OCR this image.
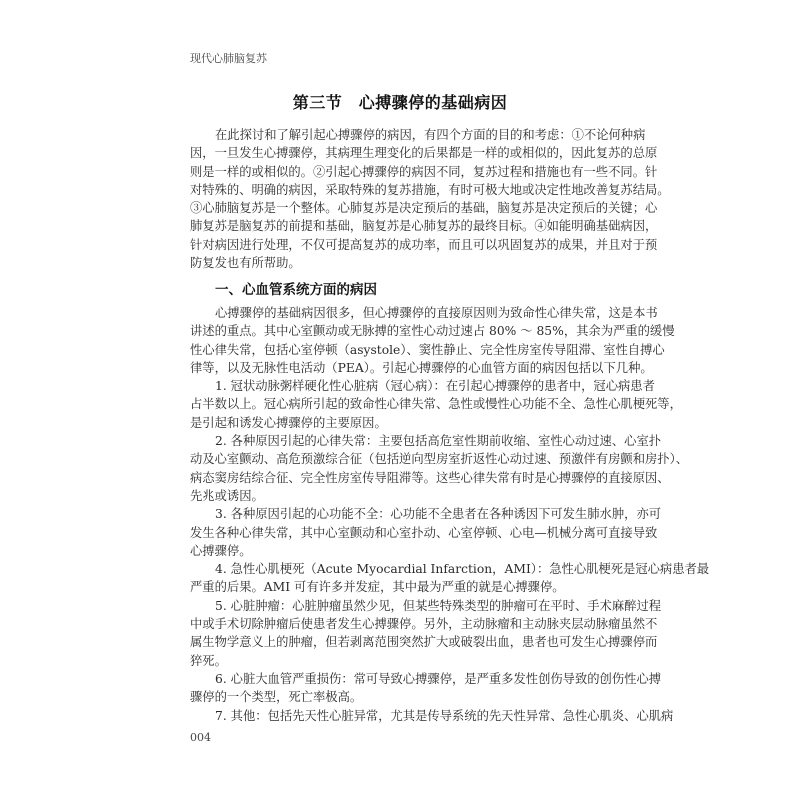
现代心肺脑复苏
第三节　心搏骤停的基础病因
在此探讨和了解引起心搏骤停的病因，有四个方面的目的和考虑：①不论何种病
因，一旦发生心搏骤停，其病理生理变化的后果都是一样的或相似的，因此复苏的总原
则是一样的或相似的。②引起心搏骤停的病因不同，复苏过程和措施也有一些不同。针
对特殊的、明确的病因，采取特殊的复苏措施，有时可极大地或决定性地改善复苏结局。
③心肺脑复苏是一个整体。心肺复苏是决定预后的基础，脑复苏是决定预后的关键；心
肺复苏是脑复苏的前提和基础，脑复苏是心肺复苏的最终目标。④如能明确基础病因，
针对病因进行处理，不仅可提高复苏的成功率，而且可以巩固复苏的成果，并且对于预
防复发也有所帮助。
一、心血管系统方面的病因
心搏骤停的基础病因很多，但心搏骤停的直接原因则为致命性心律失常，这是本书
讲述的重点。其中心室颤动或无脉搏的室性心动过速占 80% ～ 85%，其余为严重的缓慢
性心律失常，包括心室停顿（asystole）、窦性静止、完全性房室传导阻滞、室性自搏心
律等，以及无脉性电活动（PEA）。引起心搏骤停的心血管方面的病因包括以下几种。
1. 冠状动脉粥样硬化性心脏病（冠心病）：在引起心搏骤停的患者中，冠心病患者
占半数以上。冠心病所引起的致命性心律失常、急性或慢性心功能不全、急性心肌梗死等，
是引起和诱发心搏骤停的主要原因。
2. 各种原因引起的心律失常：主要包括高危室性期前收缩、室性心动过速、心室扑
动及心室颤动、高危预激综合征（包括逆向型房室折返性心动过速、预激伴有房颤和房扑）、
病态窦房结综合征、完全性房室传导阻滞等。这些心律失常有时是心搏骤停的直接原因、
先兆或诱因。
3. 各种原因引起的心功能不全：心功能不全患者在各种诱因下可发生肺水肿，亦可
发生各种心律失常，其中心室颤动和心室扑动、心室停顿、心电—机械分离可直接导致
心搏骤停。
4. 急性心肌梗死（Acute Myocardial Infarction，AMI）：急性心肌梗死是冠心病患者最
严重的后果。AMI 可有许多并发症，其中最为严重的就是心搏骤停。
5. 心脏肿瘤：心脏肿瘤虽然少见，但某些特殊类型的肿瘤可在平时、手术麻醉过程
中或手术切除肿瘤后使患者发生心搏骤停。另外，主动脉瘤和主动脉夹层动脉瘤虽然不
属生物学意义上的肿瘤，但若剥离范围突然扩大或破裂出血，患者也可发生心搏骤停而
猝死。
6. 心脏大血管严重损伤：常可导致心搏骤停，是严重多发性创伤导致的创伤性心搏
骤停的一个类型，死亡率极高。
7. 其他：包括先天性心脏异常，尤其是传导系统的先天性异常、急性心肌炎、心肌病
004
